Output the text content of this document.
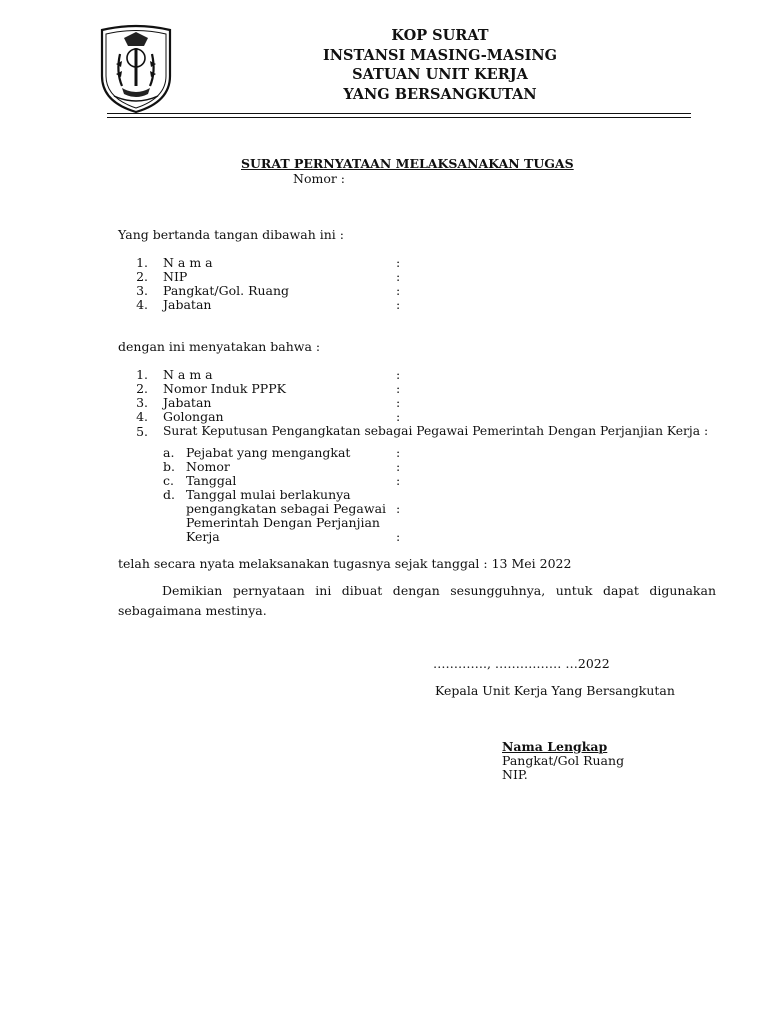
KOP SURAT
INSTANSI MASING-MASING
SATUAN UNIT KERJA
YANG BERSANGKUTAN
SURAT PERNYATAAN MELAKSANAKAN TUGAS
Nomor :
Yang bertanda tangan dibawah ini :
1. N a m a	:
2. NIP	:
3. Pangkat/Gol. Ruang	:
4. Jabatan	:
dengan ini menyatakan bahwa :
1. N a m a	:
2. Nomor Induk PPPK	:
3. Jabatan	:
4. Golongan	:
5. Surat Keputusan Pengangkatan sebagai Pegawai Pemerintah Dengan Perjanjian Kerja :
a. Pejabat yang mengangkat	:
b. Nomor	:
c. Tanggal	:
d. Tanggal mulai berlakunya
pengangkatan sebagai Pegawai :
Pemerintah Dengan Perjanjian
Kerja	:
telah secara nyata melaksanakan tugasnya sejak tanggal : 13 Mei 2022
Demikian pernyataan ini dibuat dengan sesungguhnya, untuk dapat digunakan sebagaimana mestinya.
…………., ……….…… …2022
Kepala Unit Kerja Yang Bersangkutan
Nama Lengkap
Pangkat/Gol Ruang
NIP.
